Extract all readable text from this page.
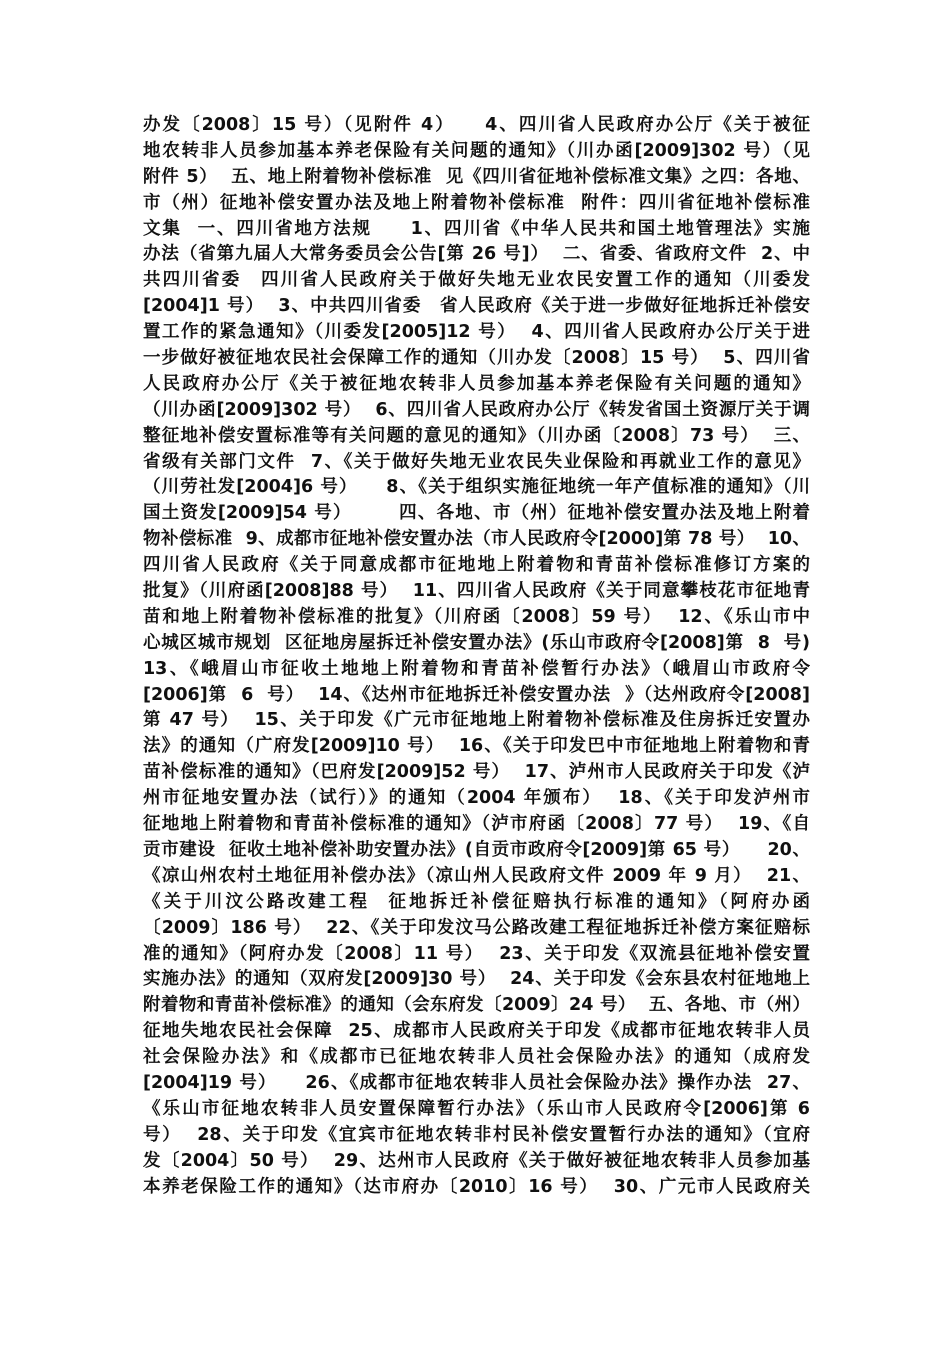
办发〔2008〕15 号）（见附件 4）　　4、四川省人民政府办公厅《关于被征
地农转非人员参加基本养老保险有关问题的通知》（川办函[2009]302 号）（见
附件 5）  五、地上附着物补偿标准  见《四川省征地补偿标准文集》之四：各地、
市（州）征地补偿安置办法及地上附着物补偿标准  附件：四川省征地补偿标准
文集  一、四川省地方法规　　1、四川省《中华人民共和国土地管理法》实施
办法（省第九届人大常务委员会公告[第 26 号]）  二、省委、省政府文件  2、中
共四川省委　四川省人民政府关于做好失地无业农民安置工作的通知（川委发
[2004]1 号）  3、中共四川省委　省人民政府《关于进一步做好征地拆迁补偿安
置工作的紧急通知》（川委发[2005]12 号）  4、四川省人民政府办公厅关于进
一步做好被征地农民社会保障工作的通知（川办发〔2008〕15 号）  5、四川省
人民政府办公厅《关于被征地农转非人员参加基本养老保险有关问题的通知》
（川办函[2009]302 号）  6、四川省人民政府办公厅《转发省国土资源厅关于调
整征地补偿安置标准等有关问题的意见的通知》（川办函〔2008〕73 号）  三、
省级有关部门文件  7、《关于做好失地无业农民失业保险和再就业工作的意见》
（川劳社发[2004]6 号）　　8、《关于组织实施征地统一年产值标准的通知》（川
国土资发[2009]54 号）　　　四、各地、市（州）征地补偿安置办法及地上附着
物补偿标准  9、成都市征地补偿安置办法（市人民政府令[2000]第 78 号）  10、
四川省人民政府《关于同意成都市征地地上附着物和青苗补偿标准修订方案的
批复》（川府函[2008]88 号）  11、四川省人民政府《关于同意攀枝花市征地青
苗和地上附着物补偿标准的批复》（川府函〔2008〕59 号）  12、《乐山市中
心城区城市规划  区征地房屋拆迁补偿安置办法》(乐山市政府令[2008]第  8  号)
13、《峨眉山市征收土地地上附着物和青苗补偿暂行办法》（峨眉山市政府令
[2006]第  6  号）  14、《达州市征地拆迁补偿安置办法  》（达州政府令[2008]
第 47 号）  15、关于印发《广元市征地地上附着物补偿标准及住房拆迁安置办
法》的通知（广府发[2009]10 号）  16、《关于印发巴中市征地地上附着物和青
苗补偿标准的通知》（巴府发[2009]52 号）  17、泸州市人民政府关于印发《泸
州市征地安置办法（试行）》的通知（2004 年颁布）  18、《关于印发泸州市
征地地上附着物和青苗补偿标准的通知》（泸市府函〔2008〕77 号）  19、《自
贡市建设  征收土地补偿补助安置办法》(自贡市政府令[2009]第 65 号）　　20、
《凉山州农村土地征用补偿办法》（凉山州人民政府文件 2009 年 9 月）  21、
《关于川汶公路改建工程  征地拆迁补偿征赔执行标准的通知》（阿府办函
〔2009〕186 号）  22、《关于印发汶马公路改建工程征地拆迁补偿方案征赔标
准的通知》（阿府办发〔2008〕11 号）  23、关于印发《双流县征地补偿安置
实施办法》的通知（双府发[2009]30 号）  24、关于印发《会东县农村征地地上
附着物和青苗补偿标准》的通知（会东府发〔2009〕24 号）  五、各地、市（州）
征地失地农民社会保障  25、成都市人民政府关于印发《成都市征地农转非人员
社会保险办法》和《成都市已征地农转非人员社会保险办法》的通知（成府发
[2004]19 号）　　26、《成都市征地农转非人员社会保险办法》操作办法  27、
《乐山市征地农转非人员安置保障暂行办法》（乐山市人民政府令[2006]第 6
号）  28、关于印发《宜宾市征地农转非村民补偿安置暂行办法的通知》（宜府
发〔2004〕50 号）  29、达州市人民政府《关于做好被征地农转非人员参加基
本养老保险工作的通知》（达市府办〔2010〕16 号）  30、广元市人民政府关
